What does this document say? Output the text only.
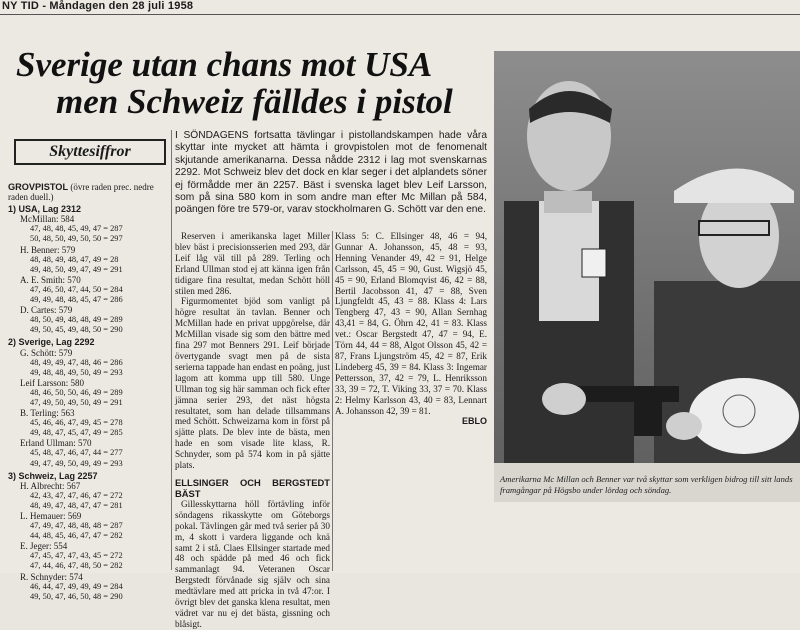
NY TID - Måndagen den 28 juli 1958
Sverige utan chans mot USA
men Schweiz fälldes i pistol
Skyttesiffror
I SÖNDAGENS fortsatta tävlingar i pistollandskampen hade våra skyttar inte mycket att hämta i grovpistolen mot de fenomenalt skjutande amerikanarna. Dessa nådde 2312 i lag mot svenskarnas 2292. Mot Schweiz blev det dock en klar seger i det alplandets söner ej förmådde mer än 2257. Bäst i svenska laget blev Leif Larsson, som på sina 580 kom in som andre man efter Mc Millan på 584, poängen före tre 579-or, varav stockholmaren G. Schött var den ene.
GROVPISTOL (övre raden prec. nedre raden duell.)
1) USA, Lag 2312
McMillan: 584
47, 48, 48, 45, 49, 47 = 287
50, 48, 50, 49, 50, 50 = 297
H. Benner: 579
48, 48, 49, 48, 47, 49 = 28
49, 48, 50, 49, 47, 49 = 291
A. E. Smith: 570
47, 46, 50, 47, 44, 50 = 284
49, 49, 48, 48, 45, 47 = 286
D. Cartes: 579
48, 50, 49, 48, 48, 49 = 289
49, 50, 45, 49, 48, 50 = 290
2) Sverige, Lag 2292
G. Schött: 579
48, 49, 49, 47, 48, 46 = 286
49, 48, 48, 49, 50, 49 = 293
Leif Larsson: 580
48, 46, 50, 50, 46, 49 = 289
47, 49, 50, 49, 50, 49 = 291
B. Terling: 563
45, 46, 46, 47, 49, 45 = 278
49, 48, 47, 45, 47, 49 = 285
Erland Ullman: 570
45, 48, 47, 46, 47, 44 = 277
49, 47, 49, 50, 49, 49 = 293
3) Schweiz, Lag 2257
H. Albrecht: 567
42, 43, 47, 47, 46, 47 = 272
48, 49, 47, 48, 47, 47 = 281
L. Hemauer: 569
47, 49, 47, 48, 48, 48 = 287
44, 48, 45, 46, 47, 47 = 282
E. Jeger: 554
47, 45, 47, 47, 43, 45 = 272
47, 44, 46, 47, 48, 50 = 282
R. Schnyder: 574
46, 44, 47, 49, 49, 49 = 284
49, 50, 47, 46, 50, 48 = 290

Reserven i amerikanska laget Miller blev bäst i precisionsserien med 293, där Leif låg väl till på 289. Terling och Erland Ullman stod ej att känna igen från tidigare fina resultat, medan Schött höll stilen med 286.

Figurmomentet bjöd som vanligt på högre resultat än tavlan. Benner och McMillan hade en privat uppgörelse, där McMillan visade sig som den bättre med fina 297 mot Benners 291. Leif började övertygande svagt men på de sista serierna tappade han endast en poäng, just lagom att komma upp till 580. Unge Ullman tog sig här samman och fick efter jämna serier 293, det näst högsta resultatet, som han delade tillsammans med Schött. Schweizarna kom in först på sjätte plats. De blev inte de bästa, men hade en som visade lite klass, R. Schnyder, som på 574 kom in på sjätte plats.

ELLSINGER OCH BERGSTEDT BÄST

Gillesskyttarna höll förtävling inför söndagens rikasskytte om Göteborgs pokal. Tävlingen går med två serier på 30 m, 4 skott i vardera liggande och knä samt 2 i stå. Claes Ellsinger startade med 48 och spädde på med 46 och fick sammanlagt 94. Veteranen Oscar Bergstedt förvånade sig själv och sina medtävlare med att pricka in två 47:or. I övrigt blev det ganska klena resultat, men vädret var nu ej det bästa, gissning och blåsigt.

Klass 5: C. Ellsinger 48, 46 = 94, Gunnar A. Johansson, 45, 48 = 93, Henning Venander 49, 42 = 91, Helge Carlsson, 45, 45 = 90, Gust. Wigsjö 45, 45 = 90, Erland Blomqvist 46, 42 = 88, Bertil Jacobsson 41, 47 = 88, Sven Ljungfeldt 45, 43 = 88. Klass 4: Lars Tengberg 47, 43 = 90, Allan Sernhag 43,41 = 84, G. Öhrn 42, 41 = 83. Klass vet.: Oscar Bergstedt 47, 47 = 94, E. Törn 44, 44 = 88, Algot Olsson 45, 42 = 87, Frans Ljungström 45, 42 = 87, Erik Lindeberg 45, 39 = 84. Klass 3: Ingemar Pettersson, 37, 42 = 79, L. Henriksson 33, 39 = 72, T. Viking 33, 37 = 70. Klass 2: Helmy Karlsson 43, 40 = 83, Lennart A. Johansson 42, 39 = 81.
EBLO
Amerikarna Mc Millan och Benner var två skyttar som verkligen bidrog till sitt lands framgångar på Högsbo under lördag och söndag.
